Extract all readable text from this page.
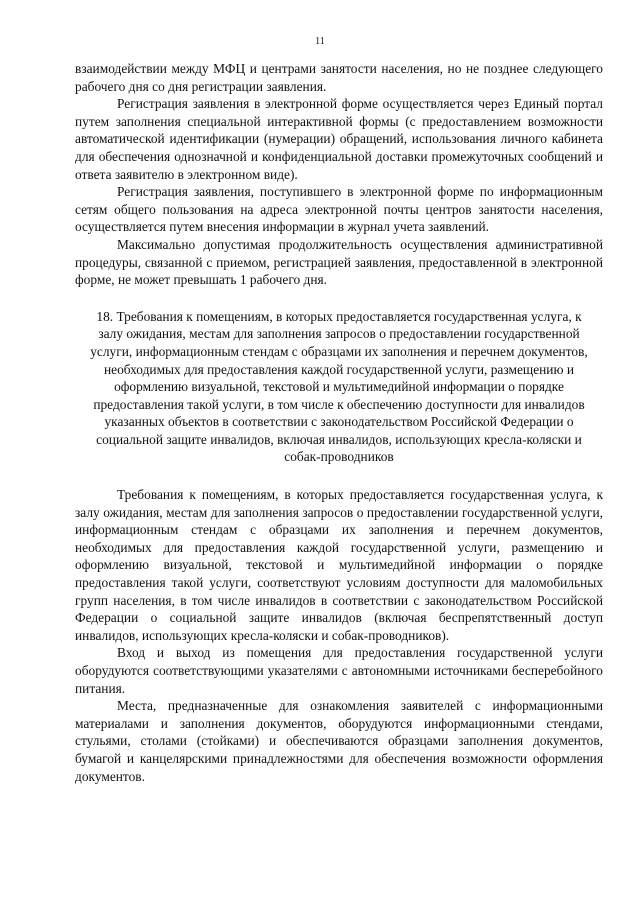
11

взаимодействии между МФЦ и центрами занятости населения, но не позднее следующего рабочего дня со дня регистрации заявления.

Регистрация заявления в электронной форме осуществляется через Единый портал путем заполнения специальной интерактивной формы (с предоставлением возможности автоматической идентификации (нумерации) обращений, использования личного кабинета для обеспечения однозначной и конфиденциальной доставки промежуточных сообщений и ответа заявителю в электронном виде).

Регистрация заявления, поступившего в электронной форме по информационным сетям общего пользования на адреса электронной почты центров занятости населения, осуществляется путем внесения информации в журнал учета заявлений.

Максимально допустимая продолжительность осуществления административной процедуры, связанной с приемом, регистрацией заявления, предоставленной в электронной форме, не может превышать 1 рабочего дня.

18. Требования к помещениям, в которых предоставляется государственная услуга, к залу ожидания, местам для заполнения запросов о предоставлении государственной услуги, информационным стендам с образцами их заполнения и перечнем документов, необходимых для предоставления каждой государственной услуги, размещению и оформлению визуальной, текстовой и мультимедийной информации о порядке предоставления такой услуги, в том числе к обеспечению доступности для инвалидов указанных объектов в соответствии с законодательством Российской Федерации о социальной защите инвалидов, включая инвалидов, использующих кресла-коляски и собак-проводников

Требования к помещениям, в которых предоставляется государственная услуга, к залу ожидания, местам для заполнения запросов о предоставлении государственной услуги, информационным стендам с образцами их заполнения и перечнем документов, необходимых для предоставления каждой государственной услуги, размещению и оформлению визуальной, текстовой и мультимедийной информации о порядке предоставления такой услуги, соответствуют условиям доступности для маломобильных групп населения, в том числе инвалидов в соответствии с законодательством Российской Федерации о социальной защите инвалидов (включая беспрепятственный доступ инвалидов, использующих кресла-коляски и собак-проводников).

Вход и выход из помещения для предоставления государственной услуги оборудуются соответствующими указателями с автономными источниками бесперебойного питания.

Места, предназначенные для ознакомления заявителей с информационными материалами и заполнения документов, оборудуются информационными стендами, стульями, столами (стойками) и обеспечиваются образцами заполнения документов, бумагой и канцелярскими принадлежностями для обеспечения возможности оформления документов.
